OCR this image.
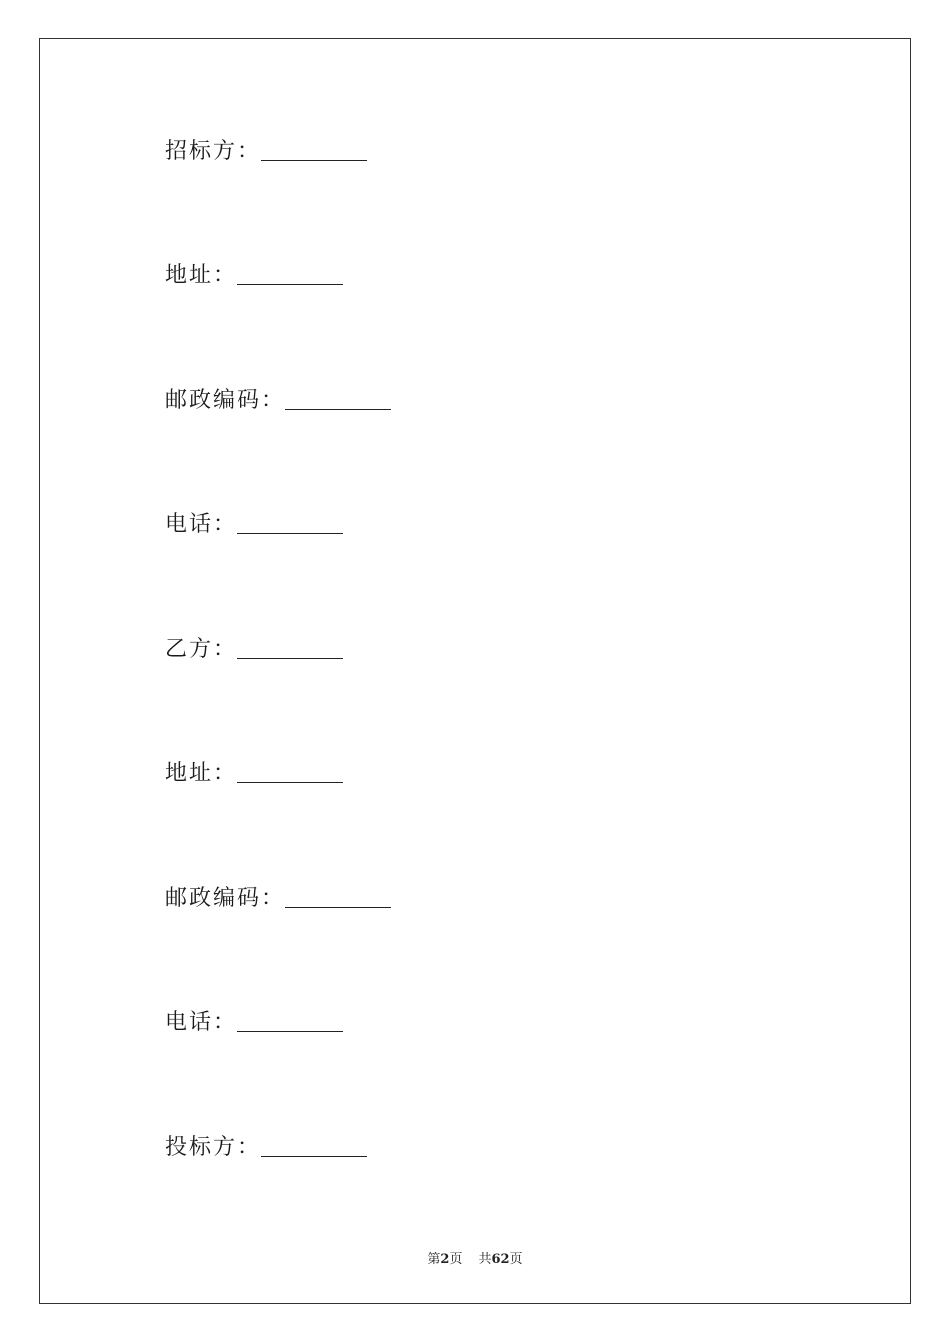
招标方：
地址：
邮政编码：
电话：
乙方：
地址：
邮政编码：
电话：
投标方：
第2页 共62页
